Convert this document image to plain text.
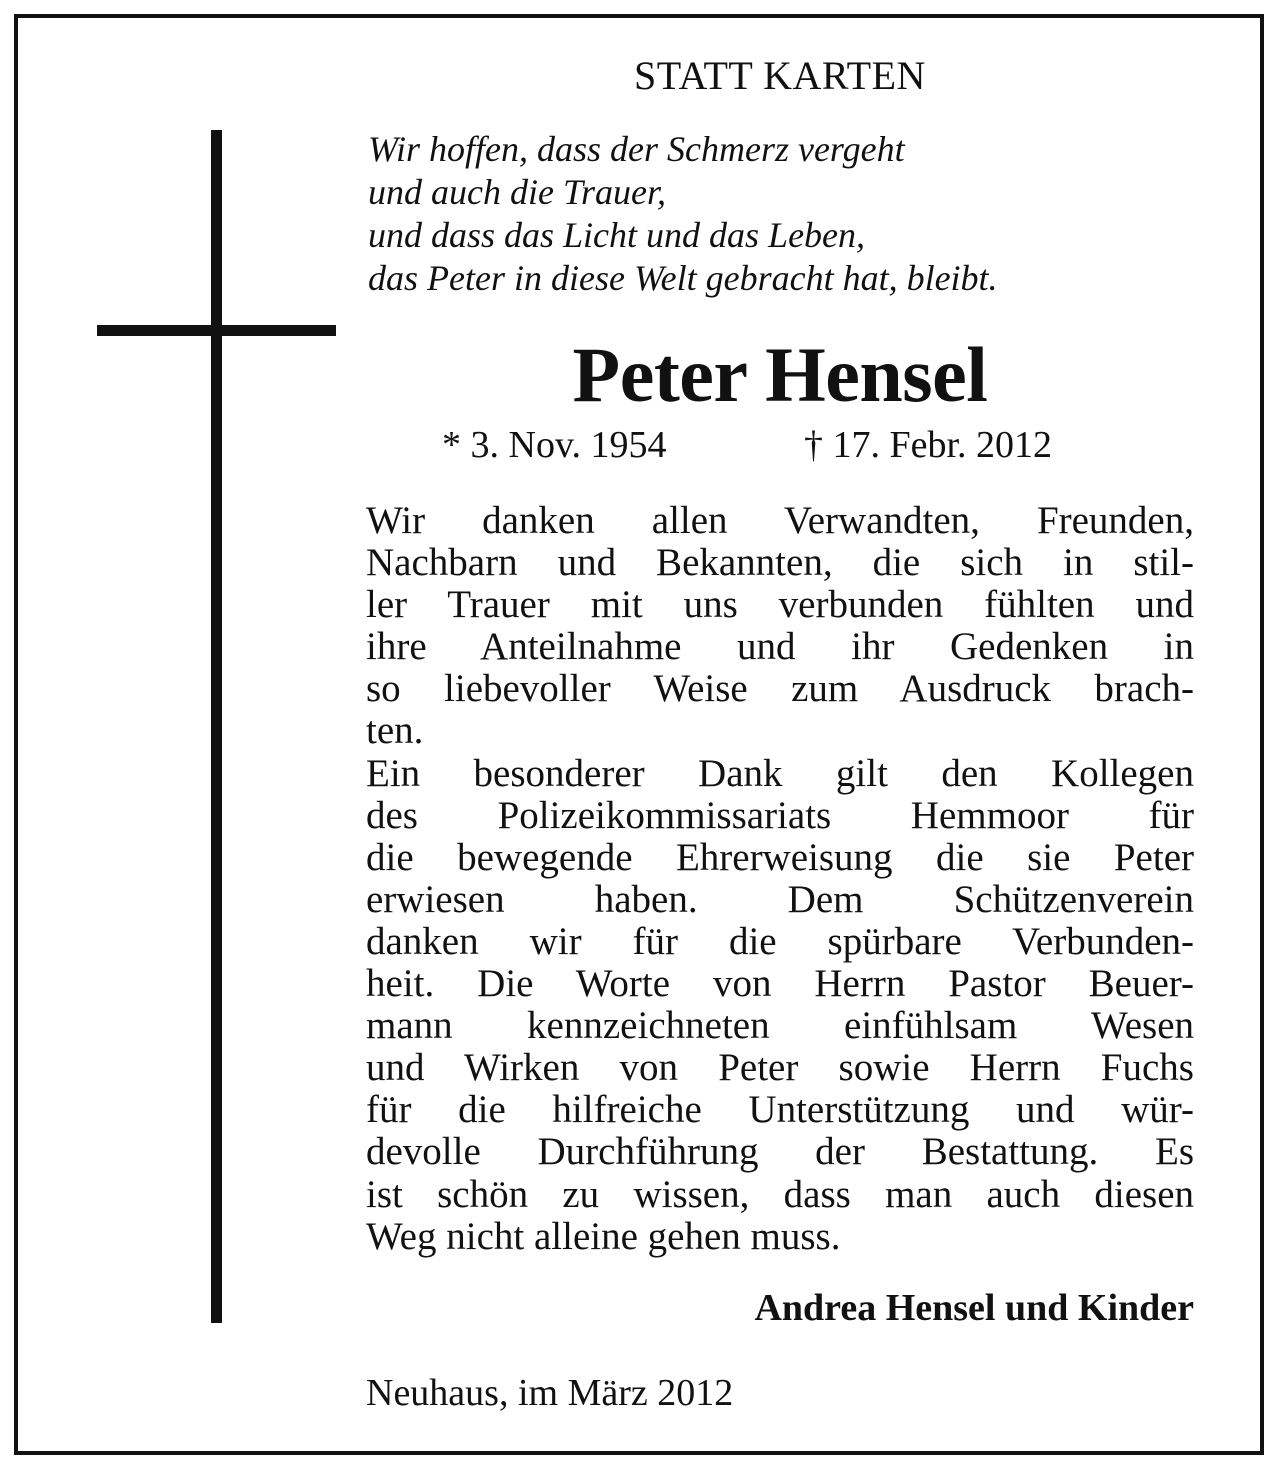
STATT KARTEN
Wir hoffen, dass der Schmerz vergeht
und auch die Trauer,
und dass das Licht und das Leben,
das Peter in diese Welt gebracht hat, bleibt.
Peter Hensel
* 3. Nov. 1954	† 17. Febr. 2012
Wir danken allen Verwandten, Freunden,
Nachbarn und Bekannten, die sich in stil-
ler Trauer mit uns verbunden fühlten und
ihre Anteilnahme und ihr Gedenken in
so liebevoller Weise zum Ausdruck brach-
ten.
Ein besonderer Dank gilt den Kollegen
des Polizeikommissariats Hemmoor für
die bewegende Ehrerweisung die sie Peter
erwiesen haben. Dem Schützenverein
danken wir für die spürbare Verbunden-
heit. Die Worte von Herrn Pastor Beuer-
mann kennzeichneten einfühlsam Wesen
und Wirken von Peter sowie Herrn Fuchs
für die hilfreiche Unterstützung und wür-
devolle Durchführung der Bestattung. Es
ist schön zu wissen, dass man auch diesen
Weg nicht alleine gehen muss.
Andrea Hensel und Kinder
Neuhaus, im März 2012
